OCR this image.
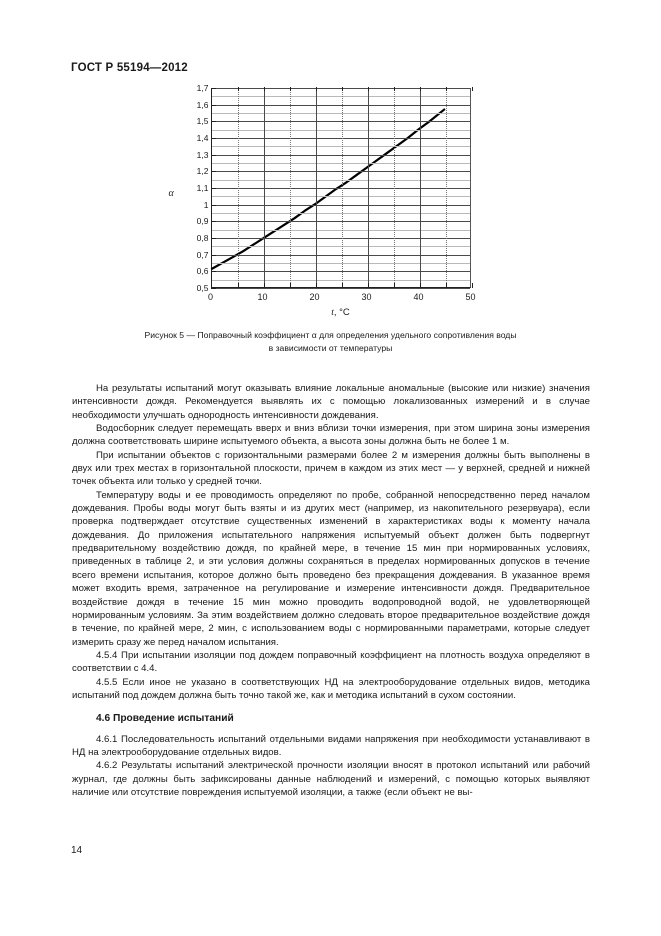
ГОСТ Р 55194—2012
α
0,5
0,6
0,7
0,8
0,9
1
1,1
1,2
1,3
1,4
1,5
1,6
1,7
0	10	20	30	40	50
t, °C
Рисунок 5 — Поправочный коэффициент α для определения удельного сопротивления воды
в зависимости от температуры

На результаты испытаний могут оказывать влияние локальные аномальные (высокие или низкие) значения интенсивности дождя. Рекомендуется выявлять их с помощью локализованных измерений и в случае необходимости улучшать однородность интенсивности дождевания.

Водосборник следует перемещать вверх и вниз вблизи точки измерения, при этом ширина зоны измерения должна соответствовать ширине испытуемого объекта, а высота зоны должна быть не более 1 м.

При испытании объектов с горизонтальными размерами более 2 м измерения должны быть выполнены в двух или трех местах в горизонтальной плоскости, причем в каждом из этих мест — у верхней, средней и нижней точек объекта или только у средней точки.

Температуру воды и ее проводимость определяют по пробе, собранной непосредственно перед началом дождевания. Пробы воды могут быть взяты и из других мест (например, из накопительного резервуара), если проверка подтверждает отсутствие существенных изменений в характеристиках воды к моменту начала дождевания. До приложения испытательного напряжения испытуемый объект должен быть подвергнут предварительному воздействию дождя, по крайней мере, в течение 15 мин при нормированных условиях, приведенных в таблице 2, и эти условия должны сохраняться в пределах нормированных допусков в течение всего времени испытания, которое должно быть проведено без прекращения дождевания. В указанное время может входить время, затраченное на регулирование и измерение интенсивности дождя. Предварительное воздействие дождя в течение 15 мин можно проводить водопроводной водой, не удовлетворяющей нормированным условиям. За этим воздействием должно следовать второе предварительное воздействие дождя в течение, по крайней мере, 2 мин, с использованием воды с нормированными параметрами, которые следует измерить сразу же перед началом испытания.

4.5.4 При испытании изоляции под дождем поправочный коэффициент на плотность воздуха определяют в соответствии с 4.4.

4.5.5 Если иное не указано в соответствующих НД на электрооборудование отдельных видов, методика испытаний под дождем должна быть точно такой же, как и методика испытаний в сухом состоянии.

4.6 Проведение испытаний

4.6.1 Последовательность испытаний отдельными видами напряжения при необходимости устанавливают в НД на электрооборудование отдельных видов.

4.6.2 Результаты испытаний электрической прочности изоляции вносят в протокол испытаний или рабочий журнал, где должны быть зафиксированы данные наблюдений и измерений, с помощью которых выявляют наличие или отсутствие повреждения испытуемой изоляции, а также (если объект не вы-

14
